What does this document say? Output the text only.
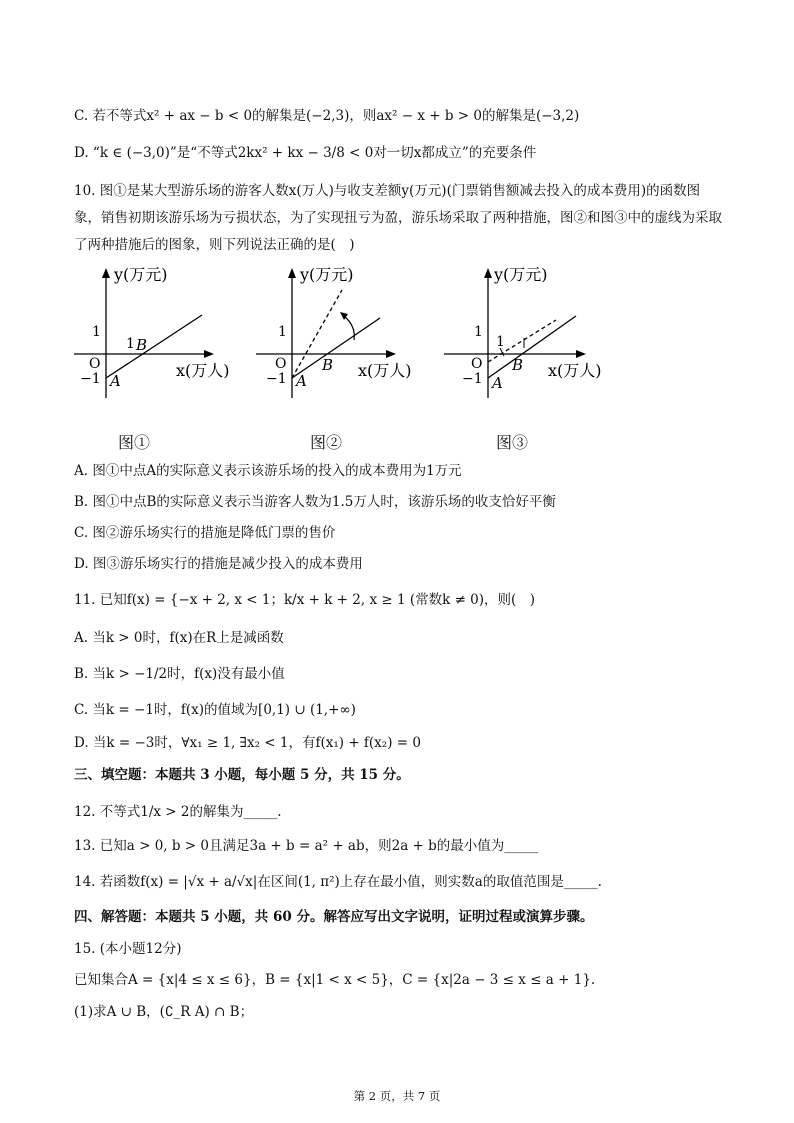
C. 若不等式x² + ax − b < 0的解集是(−2,3)，则ax² − x + b > 0的解集是(−3,2)
D. “k ∈ (−3,0)”是“不等式2kx² + kx − 3/8 < 0对一切x都成立”的充要条件
10. 图①是某大型游乐场的游客人数x(万人)与收支差额y(万元)(门票销售额减去投入的成本费用)的函数图象，销售初期该游乐场为亏损状态，为了实现扭亏为盈，游乐场采取了两种措施，图②和图③中的虚线为采取了两种措施后的图象，则下列说法正确的是(　)
y(万元)
x(万人)
1
O
−1 A
1 B
y(万元)
x(万人)
1
O
−1 A
B
y(万元)
x(万人)
1
O
−1 A
1
B
图①	图②	图③
A. 图①中点A的实际意义表示该游乐场的投入的成本费用为1万元
B. 图①中点B的实际意义表示当游客人数为1.5万人时，该游乐场的收支恰好平衡
C. 图②游乐场实行的措施是降低门票的售价
D. 图③游乐场实行的措施是减少投入的成本费用
11. 已知f(x) = {−x + 2, x < 1；k/x + k + 2, x ≥ 1 (常数k ≠ 0)，则(　)
A. 当k > 0时，f(x)在R上是减函数
B. 当k > −1/2时，f(x)没有最小值
C. 当k = −1时，f(x)的值域为[0,1) ∪ (1,+∞)
D. 当k = −3时，∀x₁ ≥ 1, ∃x₂ < 1，有f(x₁) + f(x₂) = 0
三、填空题：本题共 3 小题，每小题 5 分，共 15 分。
12. 不等式1/x > 2的解集为_____.
13. 已知a > 0, b > 0且满足3a + b = a² + ab，则2a + b的最小值为_____
14. 若函数f(x) = |√x + a/√x|在区间(1, π²)上存在最小值，则实数a的取值范围是_____.
四、解答题：本题共 5 小题，共 60 分。解答应写出文字说明，证明过程或演算步骤。
15. (本小题12分)
已知集合A = {x|4 ≤ x ≤ 6}，B = {x|1 < x < 5}，C = {x|2a − 3 ≤ x ≤ a + 1}.
(1)求A ∪ B，(∁_R A) ∩ B；
第 2 页，共 7 页
